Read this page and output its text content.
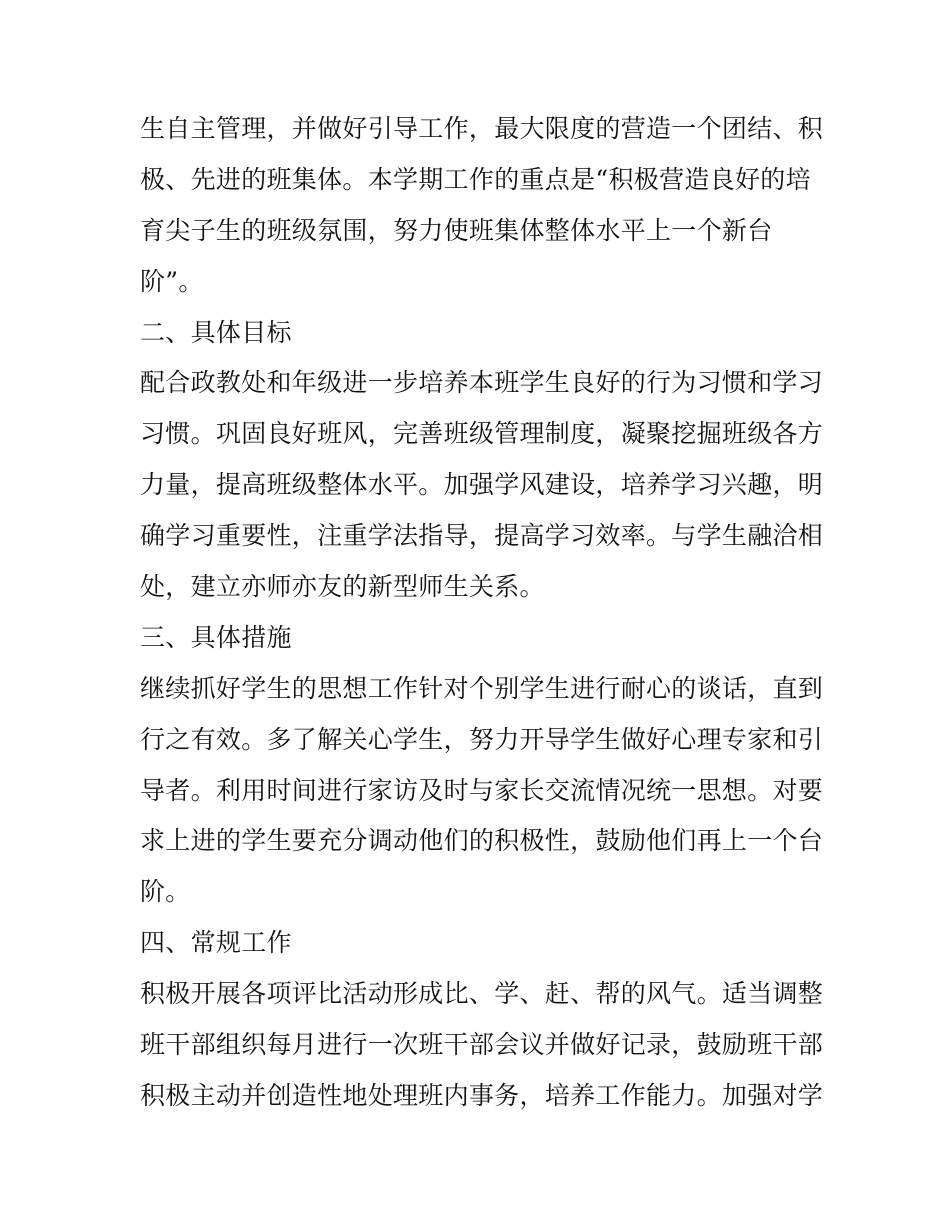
生自主管理，并做好引导工作，最大限度的营造一个团结、积
极、先进的班集体。本学期工作的重点是“积极营造良好的培
育尖子生的班级氛围，努力使班集体整体水平上一个新台
阶”。
二、具体目标
配合政教处和年级进一步培养本班学生良好的行为习惯和学习
习惯。巩固良好班风，完善班级管理制度，凝聚挖掘班级各方
力量，提高班级整体水平。加强学风建设，培养学习兴趣，明
确学习重要性，注重学法指导，提高学习效率。与学生融洽相
处，建立亦师亦友的新型师生关系。
三、具体措施
继续抓好学生的思想工作针对个别学生进行耐心的谈话，直到
行之有效。多了解关心学生，努力开导学生做好心理专家和引
导者。利用时间进行家访及时与家长交流情况统一思想。对要
求上进的学生要充分调动他们的积极性，鼓励他们再上一个台
阶。
四、常规工作
积极开展各项评比活动形成比、学、赶、帮的风气。适当调整
班干部组织每月进行一次班干部会议并做好记录，鼓励班干部
积极主动并创造性地处理班内事务，培养工作能力。加强对学
